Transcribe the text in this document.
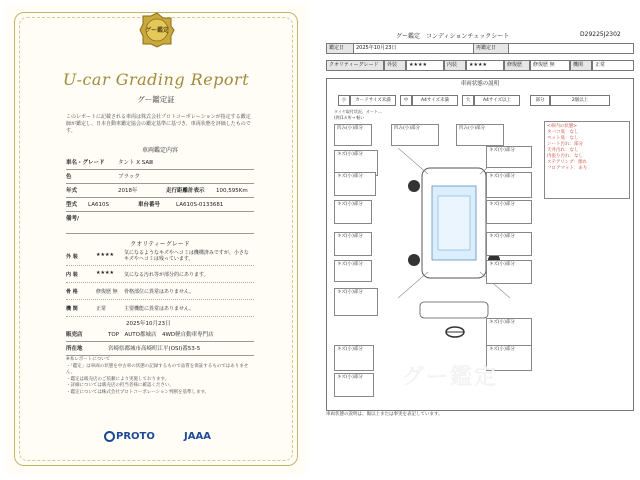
グー鑑定
U-car Grading Report
グー鑑定証
このレポートに記載される車両は株式会社プロトコーポレーションが指定する鑑定師が鑑定し、日本自動車鑑定協会の鑑定基準に基づき、車両状態を評価したものです。
車両鑑定内容
車名・グレード タント X SAⅢ
色	ブラック
年式	2018年	走行距離計表示 100,595Km
型式 LA610S	車台番号	LA610S-0133681
備考/
クオリティーグレード
外 装	★★★★ 気になるようなキズやヘコミは機構済みですが、小さなキズやヘコミは残っています。
内 装	★★★★ 気になる汚れ等が部分的にあります。
骨 格	修復歴 無 骨格部位に異常はありません。
機 関	正常	主要機能に異常はありません。
2025年10月23日
販売店	TOP　AUTO都城店　4WD軽自動車専門店
所在地	宮崎県都城市高崎町江平(OSI)番53-5
※本レポートについて
・「鑑定」は車両の状態を中古車の状態の記録するもので品質を保証するものではありません。
・鑑定は販売店のご依頼により実施しております。
・詳細については販売店の担当者様に確認ください。
・鑑定については株式会社プロトコーポレーション判断を基準します。
PROTO	JAAA
グー鑑定　コンディションチェックシート	D29225J2302
鑑定日	2025年10月23日	再鑑定日
クオリティーグレード	外装	★★★★	内装	★★★★	修復歴	修復歴 無	機関	正常
車両状態の説明
小	カードサイズ未満	中	A4サイズ未満	大	A4サイズ以上	部分	2個以上
タイヤ取付状況、オート…
(例)1カ所→ 軽い
凹み(小)部分	凹み(小)部分	凹み(小)部分
キズ(小)部分
キズ(小)部分
キズ(小)部分	キズ(小)部分
キズ(小)部分	キズ(小)部分
キズ(小)部分	キズ(小)部分
キズ(小)部分	キズ(小)部分
キズ(小)部分
キズ(小)部分
キズ(小)部分	キズ(小)部分
キズ(小)部分	グー鑑定
<車内の状態>
タバコ臭：なし
ペット臭：なし
シート汚れ：部分
天井汚れ：なし
内張り汚れ：なし
ステアリング：擦れ
フロアマット：あり
車両状態の説明は、傷以上または事実を表記しています。
